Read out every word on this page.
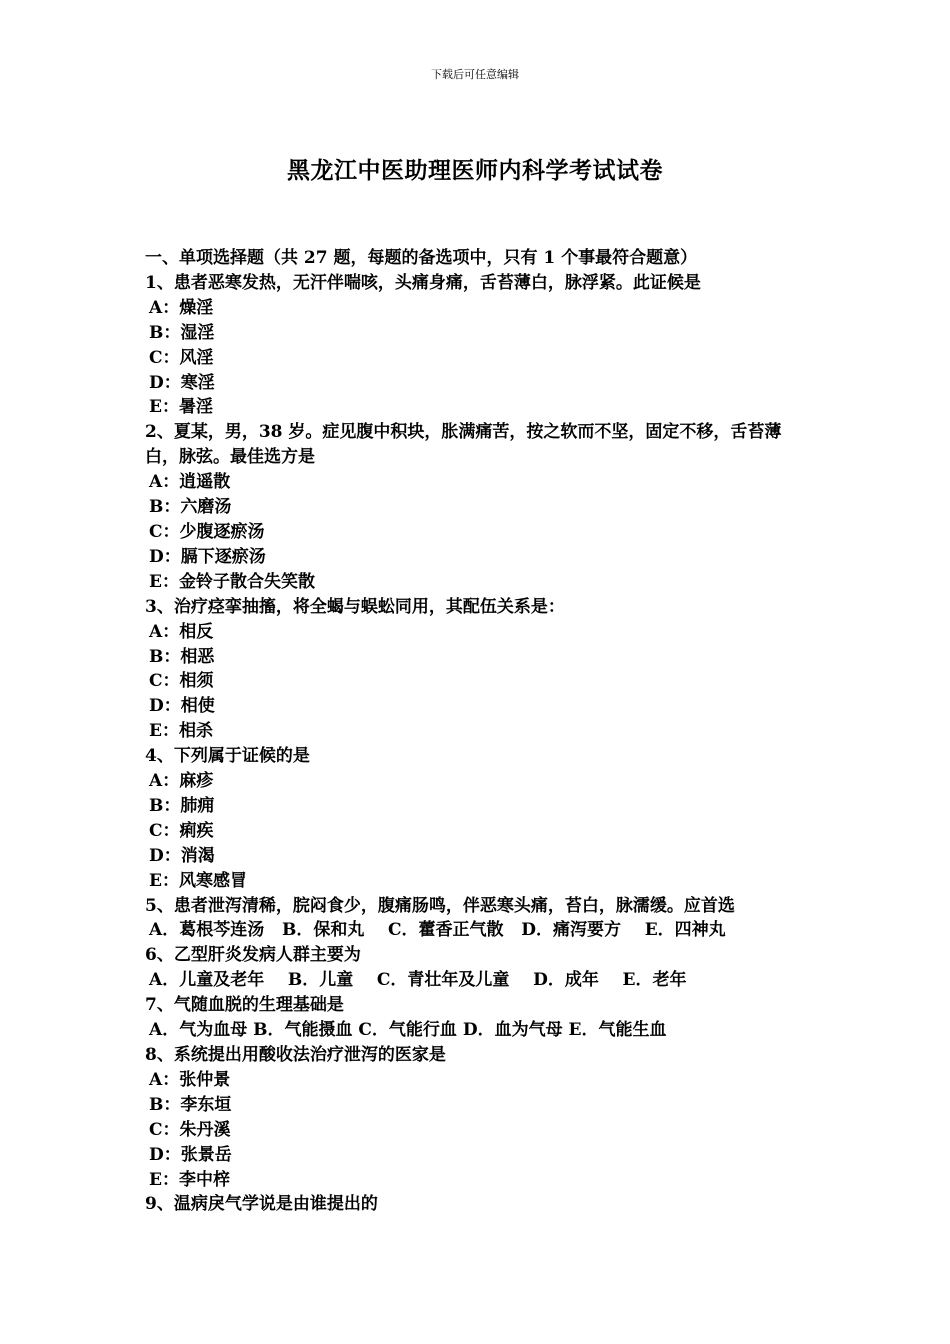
下载后可任意编辑
黑龙江中医助理医师内科学考试试卷
一、单项选择题（共 27 题，每题的备选项中，只有 1 个事最符合题意）
1、患者恶寒发热，无汗伴喘咳，头痛身痛，舌苔薄白，脉浮紧。此证候是
A：燥淫
B：湿淫
C：风淫
D：寒淫
E：暑淫
2、夏某，男，38 岁。症见腹中积块，胀满痛苦，按之软而不坚，固定不移，舌苔薄白，脉弦。最佳选方是
A：逍遥散
B：六磨汤
C：少腹逐瘀汤
D：膈下逐瘀汤
E：金铃子散合失笑散
3、治疗痉挛抽搐，将全蝎与蜈蚣同用，其配伍关系是：
A：相反
B：相恶
C：相须
D：相使
E：相杀
4、下列属于证候的是
A：麻疹
B：肺痈
C：痢疾
D：消渴
E：风寒感冒
5、患者泄泻清稀，脘闷食少，腹痛肠鸣，伴恶寒头痛，苔白，脉濡缓。应首选
A．葛根芩连汤   B．保和丸    C．藿香正气散   D．痛泻要方    E．四神丸
6、乙型肝炎发病人群主要为
A．儿童及老年    B．儿童    C．青壮年及儿童    D．成年    E．老年
7、气随血脱的生理基础是
A．气为血母 B．气能摄血 C．气能行血 D．血为气母 E．气能生血
8、系统提出用酸收法治疗泄泻的医家是
A：张仲景
B：李东垣
C：朱丹溪
D：张景岳
E：李中梓
9、温病戾气学说是由谁提出的
